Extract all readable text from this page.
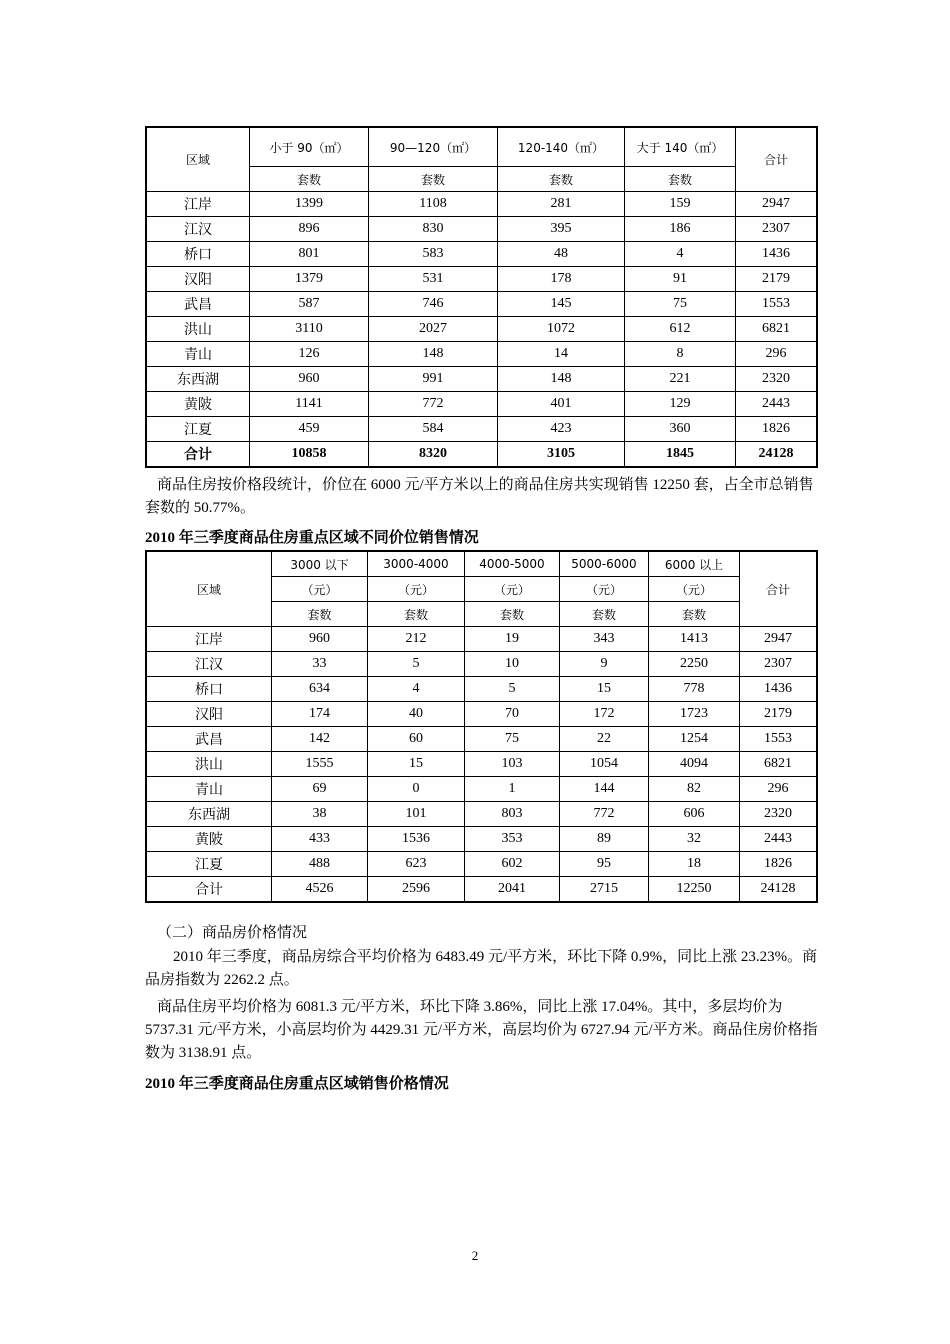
区域	小于 90（㎡）	90—120（㎡）	120-140（㎡）	大于 140（㎡）	合计
	套数	套数	套数	套数	
江岸	1399	1108	281	159	2947
江汉	896	830	395	186	2307
桥口	801	583	48	4	1436
汉阳	1379	531	178	91	2179
武昌	587	746	145	75	1553
洪山	3110	2027	1072	612	6821
青山	126	148	14	8	296
东西湖	960	991	148	221	2320
黄陂	1141	772	401	129	2443
江夏	459	584	423	360	1826
合计	10858	8320	3105	1845	24128

商品住房按价格段统计，价位在 6000 元/平方米以上的商品住房共实现销售 12250 套，占全市总销售套数的 50.77%。

2010 年三季度商品住房重点区域不同价位销售情况

区域	3000 以下	3000-4000	4000-5000	5000-6000	6000 以上	合计
	（元）	（元）	（元）	（元）	（元）	
	套数	套数	套数	套数	套数	
江岸	960	212	19	343	1413	2947
江汉	33	5	10	9	2250	2307
桥口	634	4	5	15	778	1436
汉阳	174	40	70	172	1723	2179
武昌	142	60	75	22	1254	1553
洪山	1555	15	103	1054	4094	6821
青山	69	0	1	144	82	296
东西湖	38	101	803	772	606	2320
黄陂	433	1536	353	89	32	2443
江夏	488	623	602	95	18	1826
合计	4526	2596	2041	2715	12250	24128

（二）商品房价格情况

2010 年三季度，商品房综合平均价格为 6483.49 元/平方米，环比下降 0.9%，同比上涨 23.23%。商品房指数为 2262.2 点。

商品住房平均价格为 6081.3 元/平方米，环比下降 3.86%，同比上涨 17.04%。其中，多层均价为 5737.31 元/平方米，小高层均价为 4429.31 元/平方米，高层均价为 6727.94 元/平方米。商品住房价格指数为 3138.91 点。

2010 年三季度商品住房重点区域销售价格情况

2
